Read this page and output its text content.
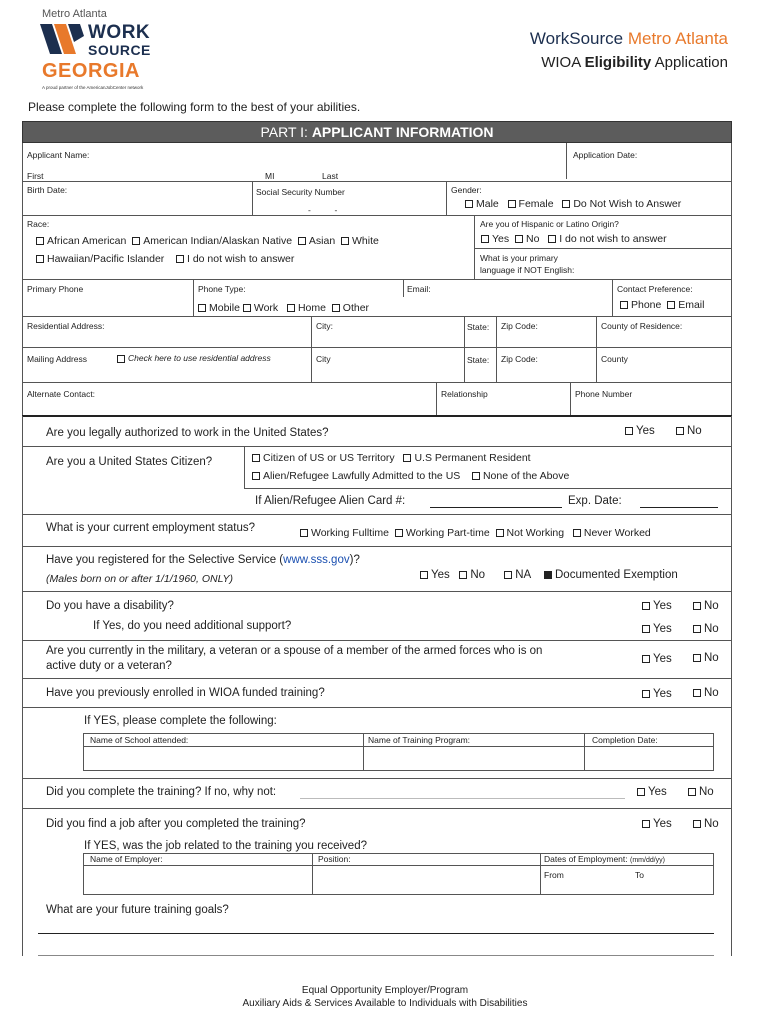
Metro Atlanta
WORK
SOURCE
GEORGIA
A proud partner of the AmericanJobCenter network
WorkSource Metro Atlanta
WIOA Eligibility Application
Please complete the following form to the best of your abilities.
PART I: APPLICANT INFORMATION
Applicant Name:	Application Date:
First	MI	Last
Birth Date:	Social Security Number
-          -
Gender:
Male Female Do Not Wish to Answer
Race:
African American American Indian/Alaskan Native Asian White
Hawaiian/Pacific Islander I do not wish to answer
Are you of Hispanic or Latino Origin?
Yes No I do not wish to answer
What is your primary
language if NOT English:
Primary Phone	Phone Type:
Mobile Work Home Other
Email:	Contact Preference:
Phone Email
Residential Address:	City:	State: Zip Code:	County of Residence:
Mailing Address	Check here to use residential address	City	State: Zip Code:	County
Alternate Contact:	Relationship	Phone Number
Are you legally authorized to work in the United States?	Yes	No
Are you a United States Citizen?	Citizen of US or US Territory U.S Permanent Resident
Alien/Refugee Lawfully Admitted to the US None of the Above
If Alien/Refugee Alien Card #:	Exp. Date:
What is your current employment status?	Working Fulltime Working Part-time Not Working Never Worked
Have you registered for the Selective Service (www.sss.gov)?
(Males born on or after 1/1/1960, ONLY)	Yes No	NA Documented Exemption
Do you have a disability?	Yes	No
If Yes, do you need additional support?	Yes	No
Are you currently in the military, a veteran or a spouse of a member of the armed forces who is on
active duty or a veteran?
Yes	No
Have you previously enrolled in WIOA funded training?	Yes	No
If YES, please complete the following:
Name of School attended:	Name of Training Program:	Completion Date:
Did you complete the training? If no, why not:	Yes	No
Did you find a job after you completed the training?	Yes	No
If YES, was the job related to the training you received?
Name of Employer:	Position:	Dates of Employment: (mm/dd/yy)
From	To
What are your future training goals?
Equal Opportunity Employer/Program
Auxiliary Aids & Services Available to Individuals with Disabilities
